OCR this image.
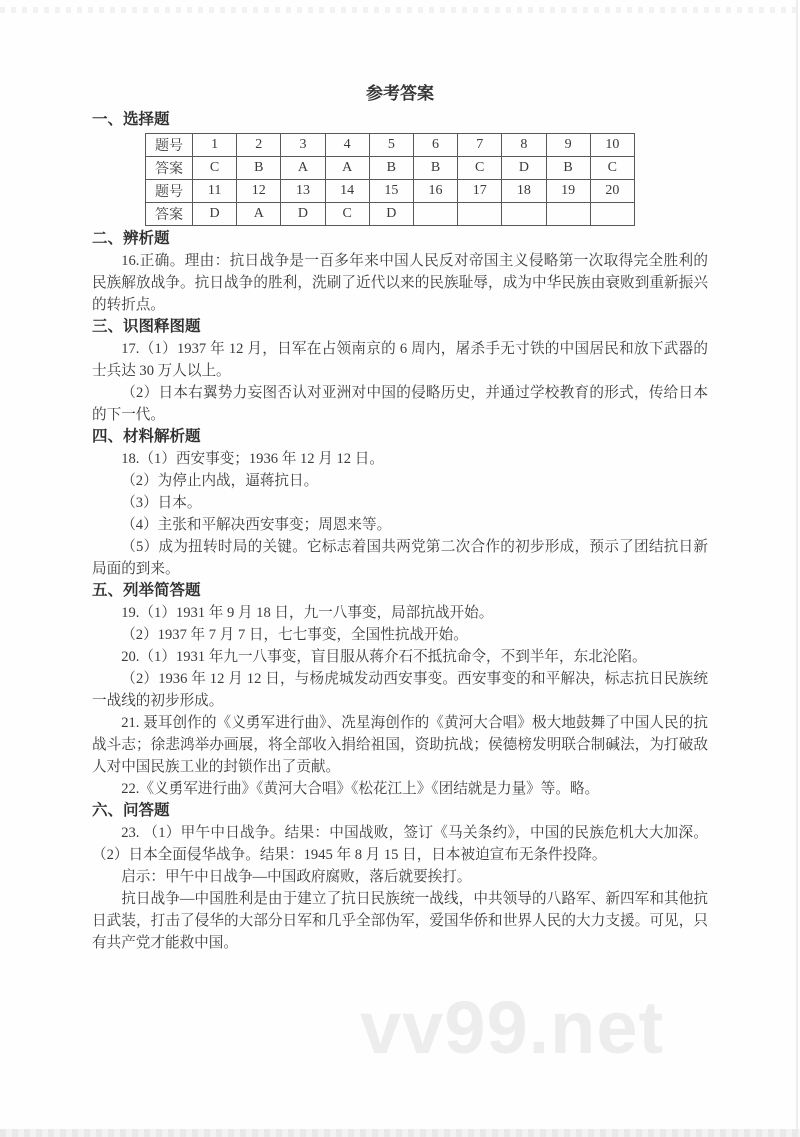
参考答案
一、选择题
题号	1	2	3	4	5	6	7	8	9	10
答案	C	B	A	A	B	B	C	D	B	C
题号	11	12	13	14	15	16	17	18	19	20
答案	D	A	D	C	D					
二、辨析题

16.正确。理由：抗日战争是一百多年来中国人民反对帝国主义侵略第一次取得完全胜利的民族解放战争。抗日战争的胜利，洗刷了近代以来的民族耻辱，成为中华民族由衰败到重新振兴的转折点。

三、识图释图题

17.（1）1937 年 12 月，日军在占领南京的 6 周内，屠杀手无寸铁的中国居民和放下武器的士兵达 30 万人以上。

（2）日本右翼势力妄图否认对亚洲对中国的侵略历史，并通过学校教育的形式，传给日本的下一代。

四、材料解析题

18.（1）西安事变；1936 年 12 月 12 日。

（2）为停止内战，逼蒋抗日。

（3）日本。

（4）主张和平解决西安事变；周恩来等。

（5）成为扭转时局的关键。它标志着国共两党第二次合作的初步形成，预示了团结抗日新局面的到来。

五、列举简答题

19.（1）1931 年 9 月 18 日，九一八事变，局部抗战开始。

（2）1937 年 7 月 7 日，七七事变，全国性抗战开始。

20.（1）1931 年九一八事变，盲目服从蒋介石不抵抗命令，不到半年，东北沦陷。

（2）1936 年 12 月 12 日，与杨虎城发动西安事变。西安事变的和平解决，标志抗日民族统一战线的初步形成。

21. 聂耳创作的《义勇军进行曲》、冼星海创作的《黄河大合唱》极大地鼓舞了中国人民的抗战斗志；徐悲鸿举办画展，将全部收入捐给祖国，资助抗战；侯德榜发明联合制碱法，为打破敌人对中国民族工业的封锁作出了贡献。

22.《义勇军进行曲》《黄河大合唱》《松花江上》《团结就是力量》等。略。

六、问答题

23. （1）甲午中日战争。结果：中国战败，签订《马关条约》，中国的民族危机大大加深。（2）日本全面侵华战争。结果：1945 年 8 月 15 日，日本被迫宣布无条件投降。

启示：甲午中日战争—中国政府腐败，落后就要挨打。

抗日战争—中国胜利是由于建立了抗日民族统一战线，中共领导的八路军、新四军和其他抗日武装，打击了侵华的大部分日军和几乎全部伪军，爱国华侨和世界人民的大力支援。可见，只有共产党才能救中国。

vv99.net
